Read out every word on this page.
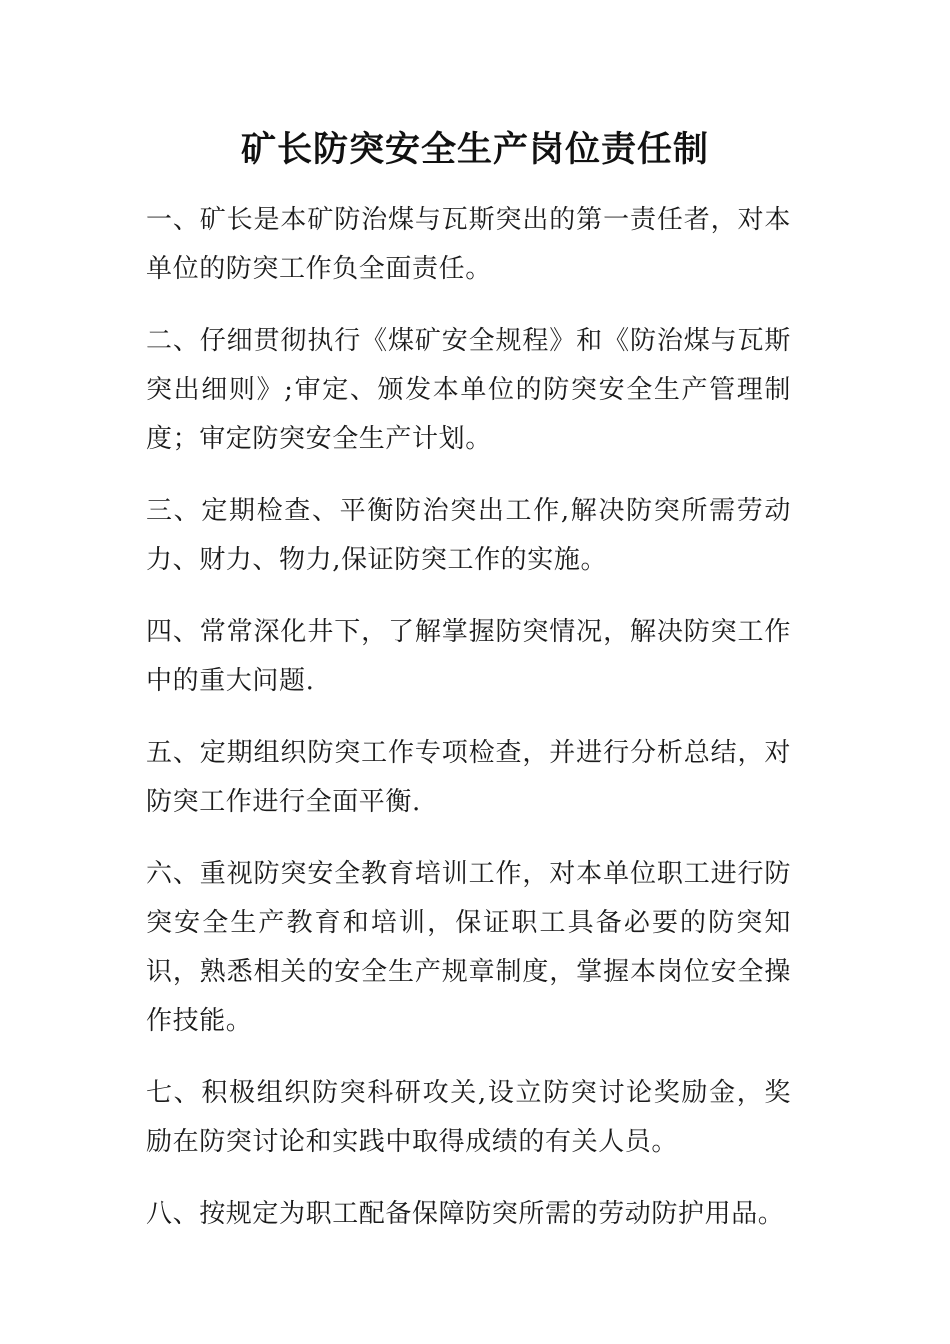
矿长防突安全生产岗位责任制

一、矿长是本矿防治煤与瓦斯突出的第一责任者，对本单位的防突工作负全面责任。

二、仔细贯彻执行《煤矿安全规程》和《防治煤与瓦斯突出细则》;审定、颁发本单位的防突安全生产管理制度；审定防突安全生产计划。

三、定期检查、平衡防治突出工作,解决防突所需劳动力、财力、物力,保证防突工作的实施。

四、常常深化井下，了解掌握防突情况，解决防突工作中的重大问题.

五、定期组织防突工作专项检查，并进行分析总结，对防突工作进行全面平衡.

六、重视防突安全教育培训工作，对本单位职工进行防突安全生产教育和培训，保证职工具备必要的防突知识，熟悉相关的安全生产规章制度，掌握本岗位安全操作技能。

七、积极组织防突科研攻关,设立防突讨论奖励金，奖励在防突讨论和实践中取得成绩的有关人员。

八、按规定为职工配备保障防突所需的劳动防护用品。
